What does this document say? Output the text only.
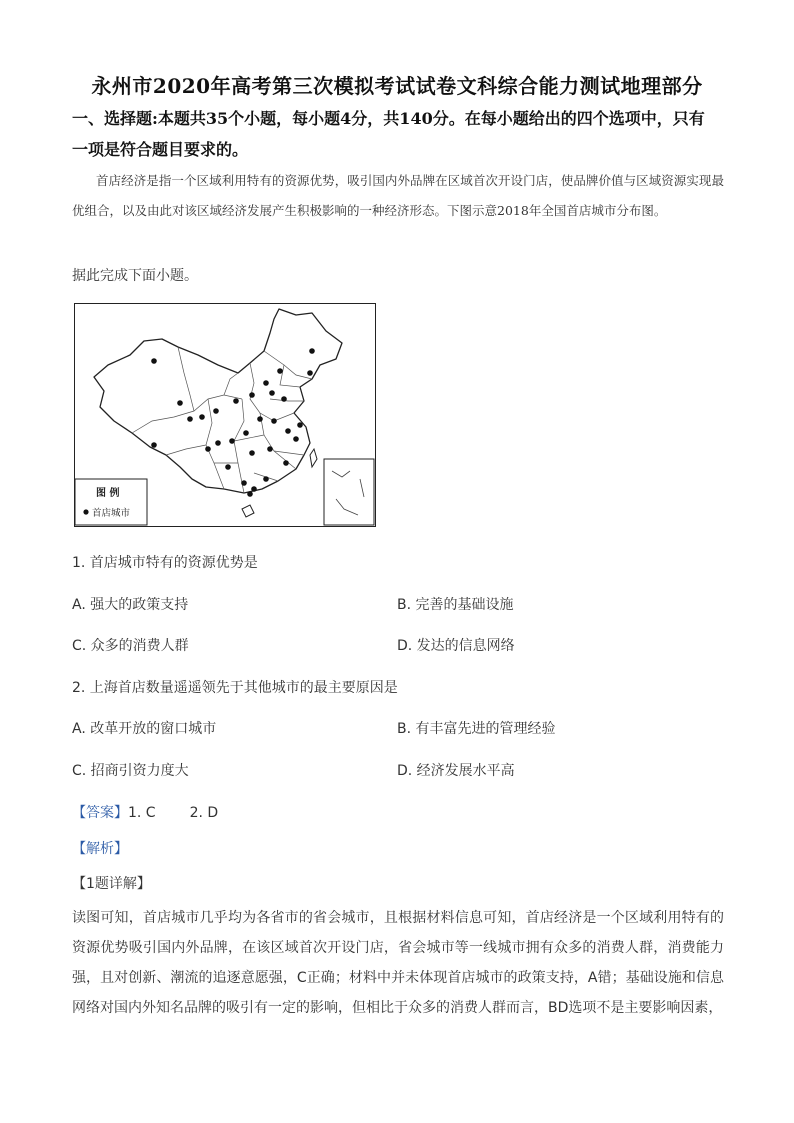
永州市2020年高考第三次模拟考试试卷文科综合能力测试地理部分
一、选择题:本题共35个小题，每小题4分，共140分。在每小题给出的四个选项中，只有
一项是符合题目要求的。
首店经济是指一个区域利用特有的资源优势，吸引国内外品牌在区域首次开设门店，使品牌价值与区域资源实现最优组合，以及由此对该区域经济发展产生积极影响的一种经济形态。下图示意2018年全国首店城市分布图。
据此完成下面小题。
图 例
首店城市
1. 首店城市特有的资源优势是
A. 强大的政策支持	B. 完善的基础设施
C. 众多的消费人群	D. 发达的信息网络
2. 上海首店数量遥遥领先于其他城市的最主要原因是
A. 改革开放的窗口城市	B. 有丰富先进的管理经验
C. 招商引资力度大	D. 经济发展水平高
【答案】1. C 2. D
【解析】
【1题详解】
读图可知，首店城市几乎均为各省市的省会城市，且根据材料信息可知，首店经济是一个区域利用特有的资源优势吸引国内外品牌，在该区域首次开设门店，省会城市等一线城市拥有众多的消费人群，消费能力强，且对创新、潮流的追逐意愿强，C正确；材料中并未体现首店城市的政策支持，A错；基础设施和信息网络对国内外知名品牌的吸引有一定的影响，但相比于众多的消费人群而言，BD选项不是主要影响因素，
